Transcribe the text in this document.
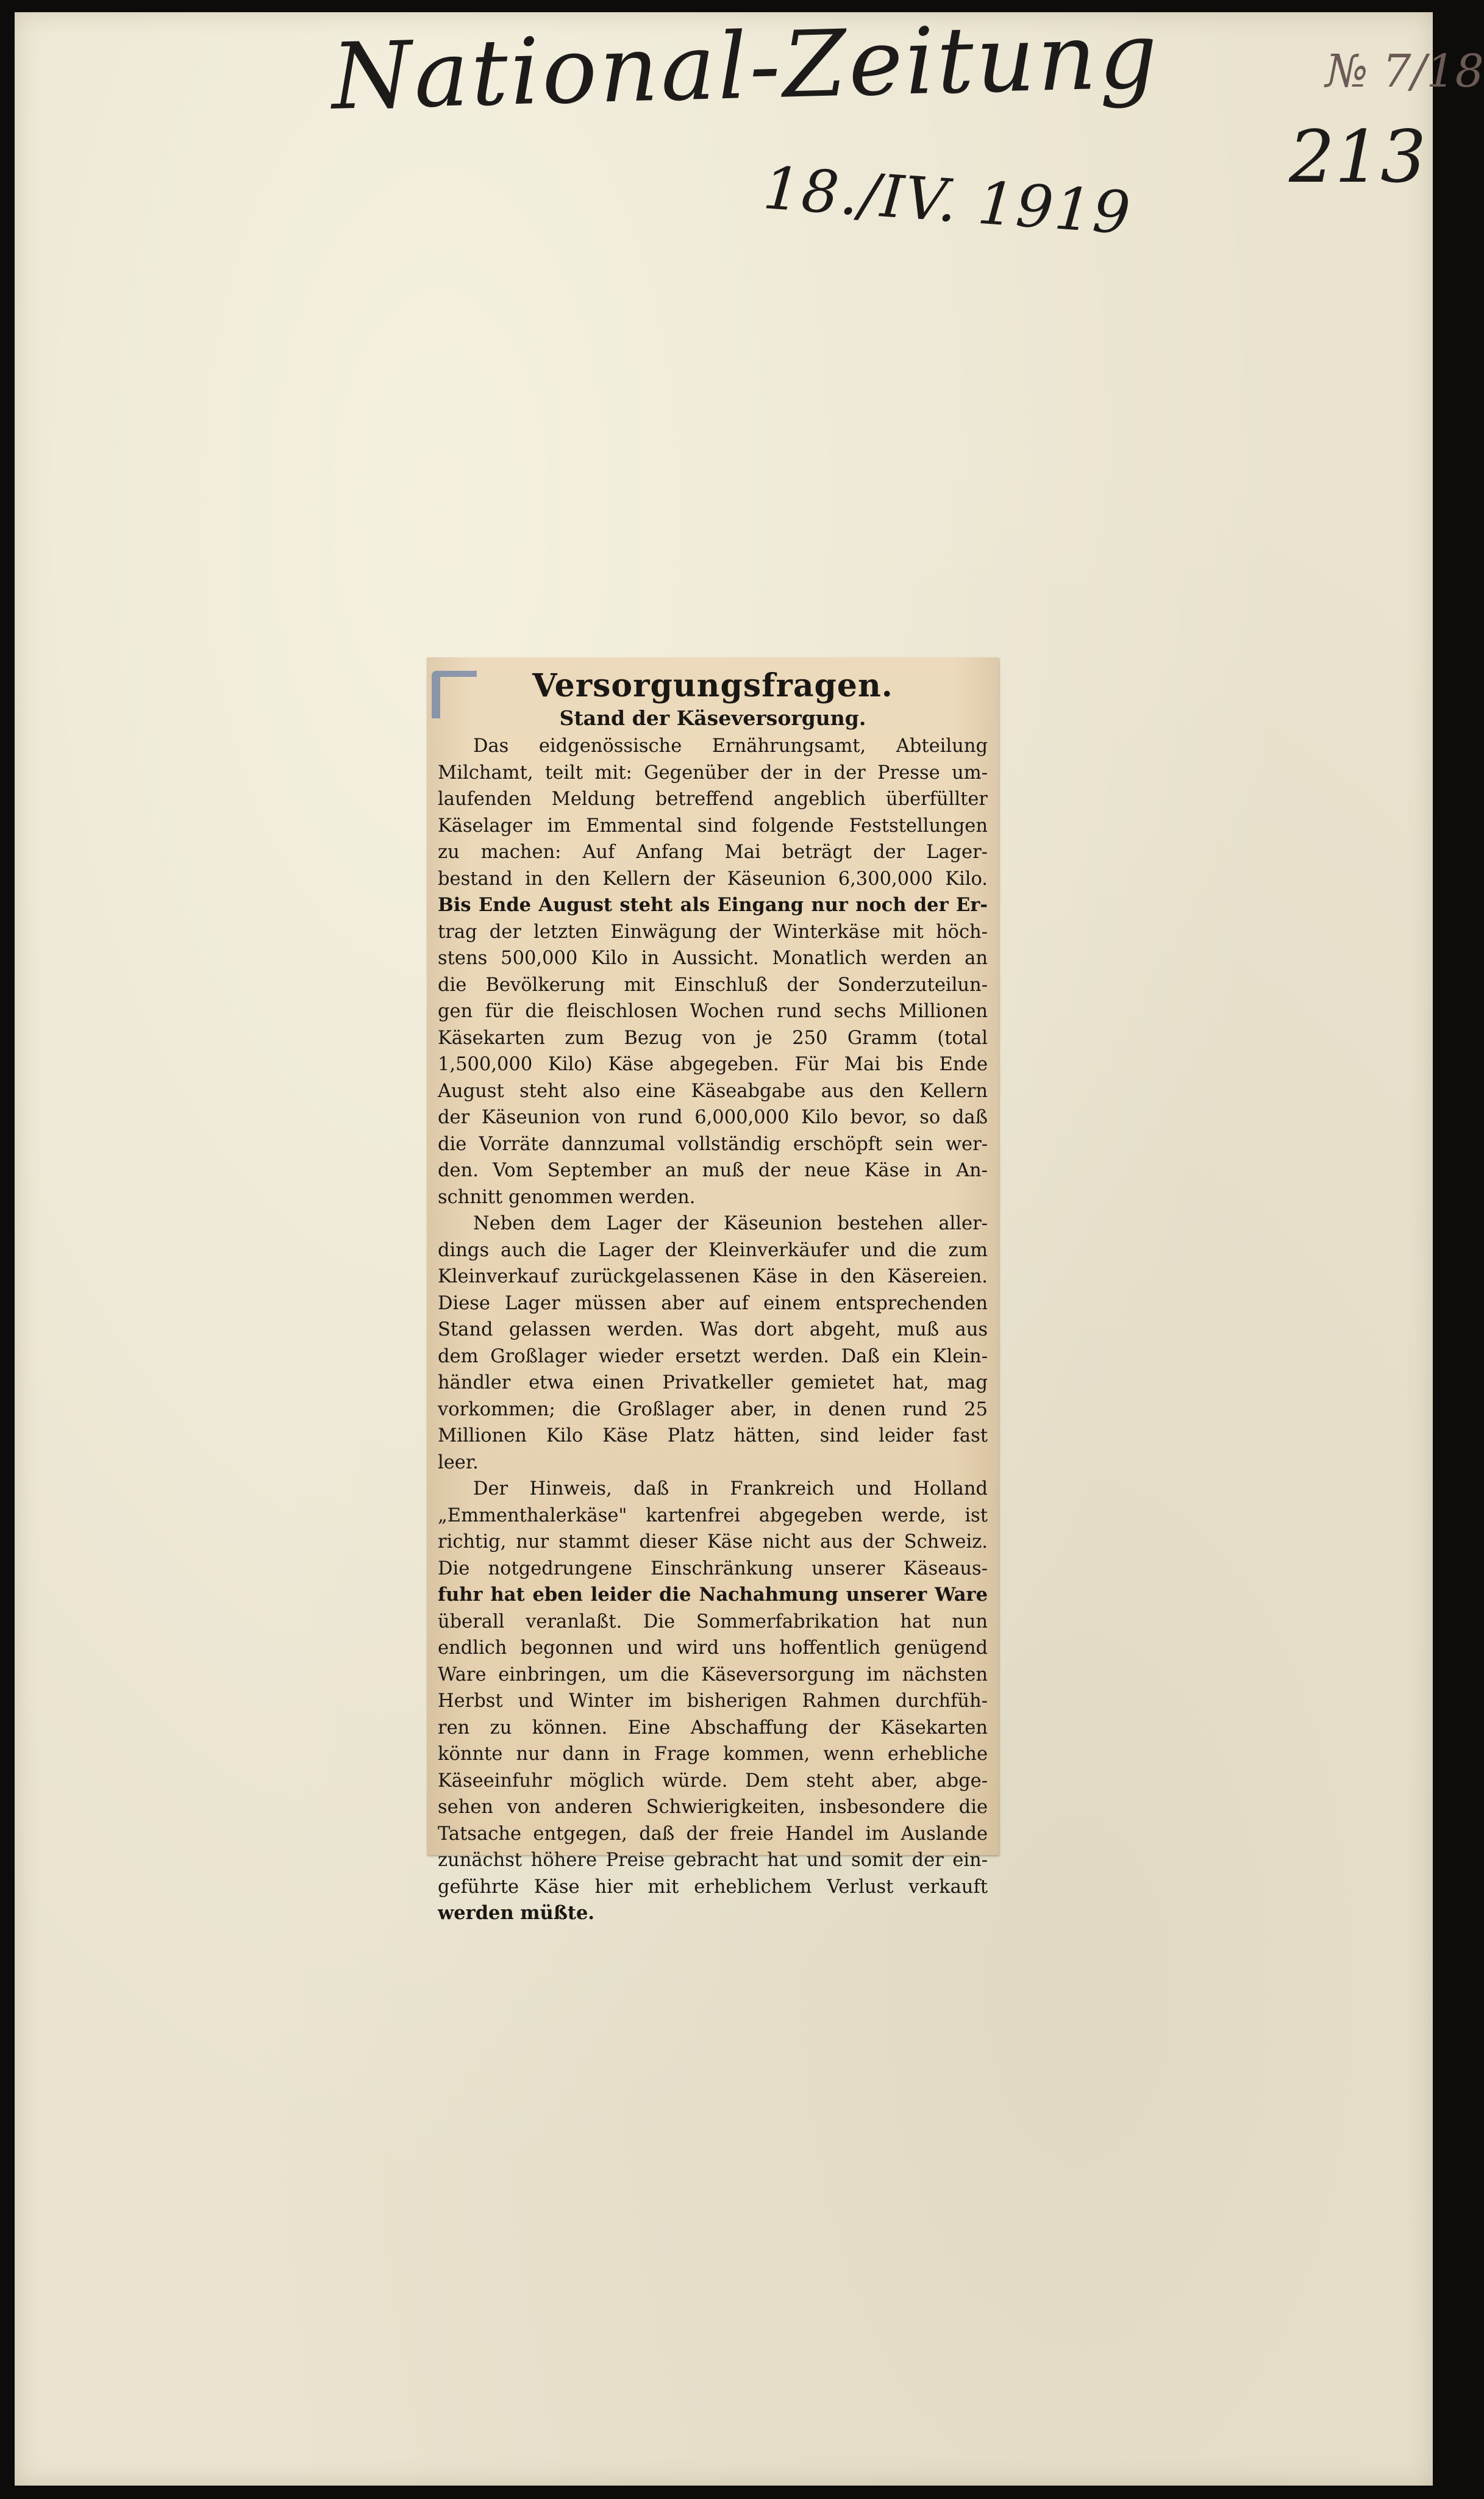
National-Zeitung

18./IV. 1919

№ 7/18

213

Versorgungsfragen.
Stand der Käseversorgung.

Das eidgenössische Ernährungsamt, Abteilung
Milchamt, teilt mit: Gegenüber der in der Presse um-
laufenden Meldung betreffend angeblich überfüllter
Käselager im Emmental sind folgende Feststellungen
zu machen: Auf Anfang Mai beträgt der Lager-
bestand in den Kellern der Käseunion 6,300,000 Kilo.
Bis Ende August steht als Eingang nur noch der Er-
trag der letzten Einwägung der Winterkäse mit höch-
stens 500,000 Kilo in Aussicht. Monatlich werden an
die Bevölkerung mit Einschluß der Sonderzuteilun-
gen für die fleischlosen Wochen rund sechs Millionen
Käsekarten zum Bezug von je 250 Gramm (total
1,500,000 Kilo) Käse abgegeben. Für Mai bis Ende
August steht also eine Käseabgabe aus den Kellern
der Käseunion von rund 6,000,000 Kilo bevor, so daß
die Vorräte dannzumal vollständig erschöpft sein wer-
den. Vom September an muß der neue Käse in An-
schnitt genommen werden.

Neben dem Lager der Käseunion bestehen aller-
dings auch die Lager der Kleinverkäufer und die zum
Kleinverkauf zurückgelassenen Käse in den Käsereien.
Diese Lager müssen aber auf einem entsprechenden
Stand gelassen werden. Was dort abgeht, muß aus
dem Großlager wieder ersetzt werden. Daß ein Klein-
händler etwa einen Privatkeller gemietet hat, mag
vorkommen; die Großlager aber, in denen rund 25
Millionen Kilo Käse Platz hätten, sind leider fast
leer.

Der Hinweis, daß in Frankreich und Holland
„Emmenthalerkäse" kartenfrei abgegeben werde, ist
richtig, nur stammt dieser Käse nicht aus der Schweiz.
Die notgedrungene Einschränkung unserer Käseaus-
fuhr hat eben leider die Nachahmung unserer Ware
überall veranlaßt. Die Sommerfabrikation hat nun
endlich begonnen und wird uns hoffentlich genügend
Ware einbringen, um die Käseversorgung im nächsten
Herbst und Winter im bisherigen Rahmen durchfüh-
ren zu können. Eine Abschaffung der Käsekarten
könnte nur dann in Frage kommen, wenn erhebliche
Käseeinfuhr möglich würde. Dem steht aber, abge-
sehen von anderen Schwierigkeiten, insbesondere die
Tatsache entgegen, daß der freie Handel im Auslande
zunächst höhere Preise gebracht hat und somit der ein-
geführte Käse hier mit erheblichem Verlust verkauft
werden müßte.
